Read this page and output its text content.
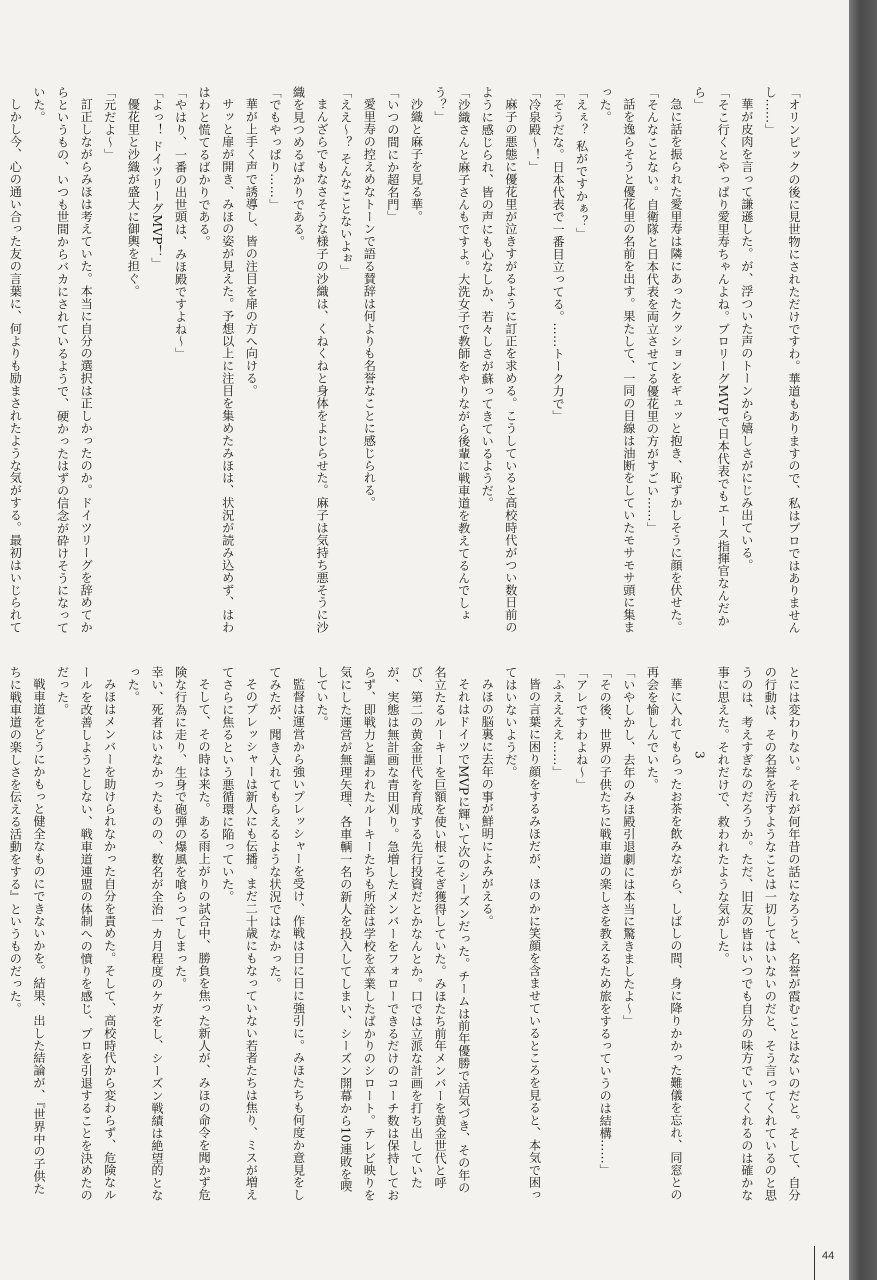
「オリンピックの後に見世物にされただけですわ。華道もありますので、私はプロではありませんし……」

華が皮肉を言って謙遜した。が、浮ついた声のトーンから嬉しさがにじみ出ている。

「そこ行くとやっぱり愛里寿ちゃんよね。プロリーグMVPで日本代表でもエース指揮官なんだから」

急に話を振られた愛里寿は隣にあったクッションをギュッと抱き、恥ずかしそうに顔を伏せた。

「そんなことない。自衛隊と日本代表を両立させてる優花里の方がすごい……」

話を逸らそうと優花里の名前を出す。果たして、一同の目線は油断をしていたモサモサ頭に集まった。

「えぇ？ 私がですかぁ？」

「そうだな。日本代表で一番目立ってる。……トーク力で」

「冷泉殿～！」

麻子の悪態に優花里が泣きすがるように訂正を求める。こうしていると高校時代がつい数日前のように感じられ、皆の声にも心なしか、若々しさが蘇ってきているようだ。

「沙織さんと麻子さんもですよ。大洗女子で教師をやりながら後輩に戦車道を教えてるんでしょう？」

沙織と麻子を見る華。

「いつの間にか超名門」

愛里寿の控えめなトーンで語る賛辞は何よりも名誉なことに感じられる。

「ええ～？ そんなことないよぉ」

まんざらでもなさそうな様子の沙織は、くねくねと身体をよじらせた。麻子は気持ち悪そうに沙織を見つめるばかりである。

「でもやっぱり……」

華が上手く声で誘導し、皆の注目を扉の方へ向ける。

サッと扉が開き、みほの姿が見えた。予想以上に注目を集めたみほは、状況が読み込めず、はわはわと慌てるばかりである。

「やはり、一番の出世頭は、みほ殿ですよね～」

「よっ！ ドイツリーグMVP！」

優花里と沙織が盛大に御輿を担ぐ。

「元だよ～」

訂正しながらみほは考えていた。本当に自分の選択は正しかったのか。ドイツリーグを辞めてからというもの、いつも世間からバカにされているようで、硬かったはずの信念が砕けそうになっていた。

しかし今、心の通い合った友の言葉に、何よりも励まされたような気がする。最初はいじられて

とには変わりない。それが何年昔の話になろうと、名誉が霞むことはないのだと。そして、自分の行動は、その名誉を汚すようなことは一切してはいないのだと、そう言ってくれているのと思うのは、考えすぎなのだろうか。ただ、旧友の皆はいつでも自分の味方でいてくれるのは確かな事に思えた。それだけで、救われたような気がした。

3

華に入れてもらったお茶を飲みながら、しばしの間、身に降りかかった難儀を忘れ、同窓との再会を愉しんでいた。

「いやしかし、去年のみほ殿引退劇には本当に驚きましたよ～」

「その後、世界の子供たちに戦車道の楽しさを教えるため旅をするっていうのは結構……」

「アレですわよね～」

「ふええええ……」

皆の言葉に困り顔をするみほだが、ほのかに笑顔を含ませているところを見ると、本気で困ってはいないようだ。

みほの脳裏に去年の事が鮮明によみがえる。

それはドイツでMVPに輝いて次のシーズンだった。チームは前年優勝で活気づき、その年の名立たるルーキーを巨額を使い根こそぎ獲得していた。みほたち前年メンバーを黄金世代と呼び、第二の黄金世代を育成する先行投資だとかなんとか。口では立派な計画を打ち出していたが、実態は無計画な青田刈り。急増したメンバーをフォローできるだけのコーチ数は保持しておらず、即戦力と謳われたルーキーたちも所詮は学校を卒業したばかりのシロート。テレビ映りを気にした運営が無理矢理、各車輌一名の新人を投入してしまい、シーズン開幕から10連敗を喫していた。

監督は運営から強いプレッシャーを受け、作戦は日に日に強引に。みほたちも何度か意見をしてみたが、聞き入れてもらえるような状況ではなかった。

そのプレッシャーは新人にも伝播。まだ二十歳にもなっていない若者たちは焦り、ミスが増えてさらに焦るという悪循環に陥っていた。

そして、その時は来た。ある雨上がりの試合中、勝負を焦った新人が、みほの命令を聞かず危険な行為に走り、生身で砲弾の爆風を喰らってしまった。

幸い、死者はいなかったものの、数名が全治一カ月程度のケガをし、シーズン戦績は絶望的となった。

みほはメンバーを助けられなかった自分を責めた。そして、高校時代から変わらず、危険なルールを改善しようとしない、戦車道連盟の体制への憤りを感じ、プロを引退することを決めたのだった。

戦車道をどうにかもっと健全なものにできないかを。結果、出した結論が、『世界中の子供たちに戦車道の楽しさを伝える活動をする』というものだった。

44
